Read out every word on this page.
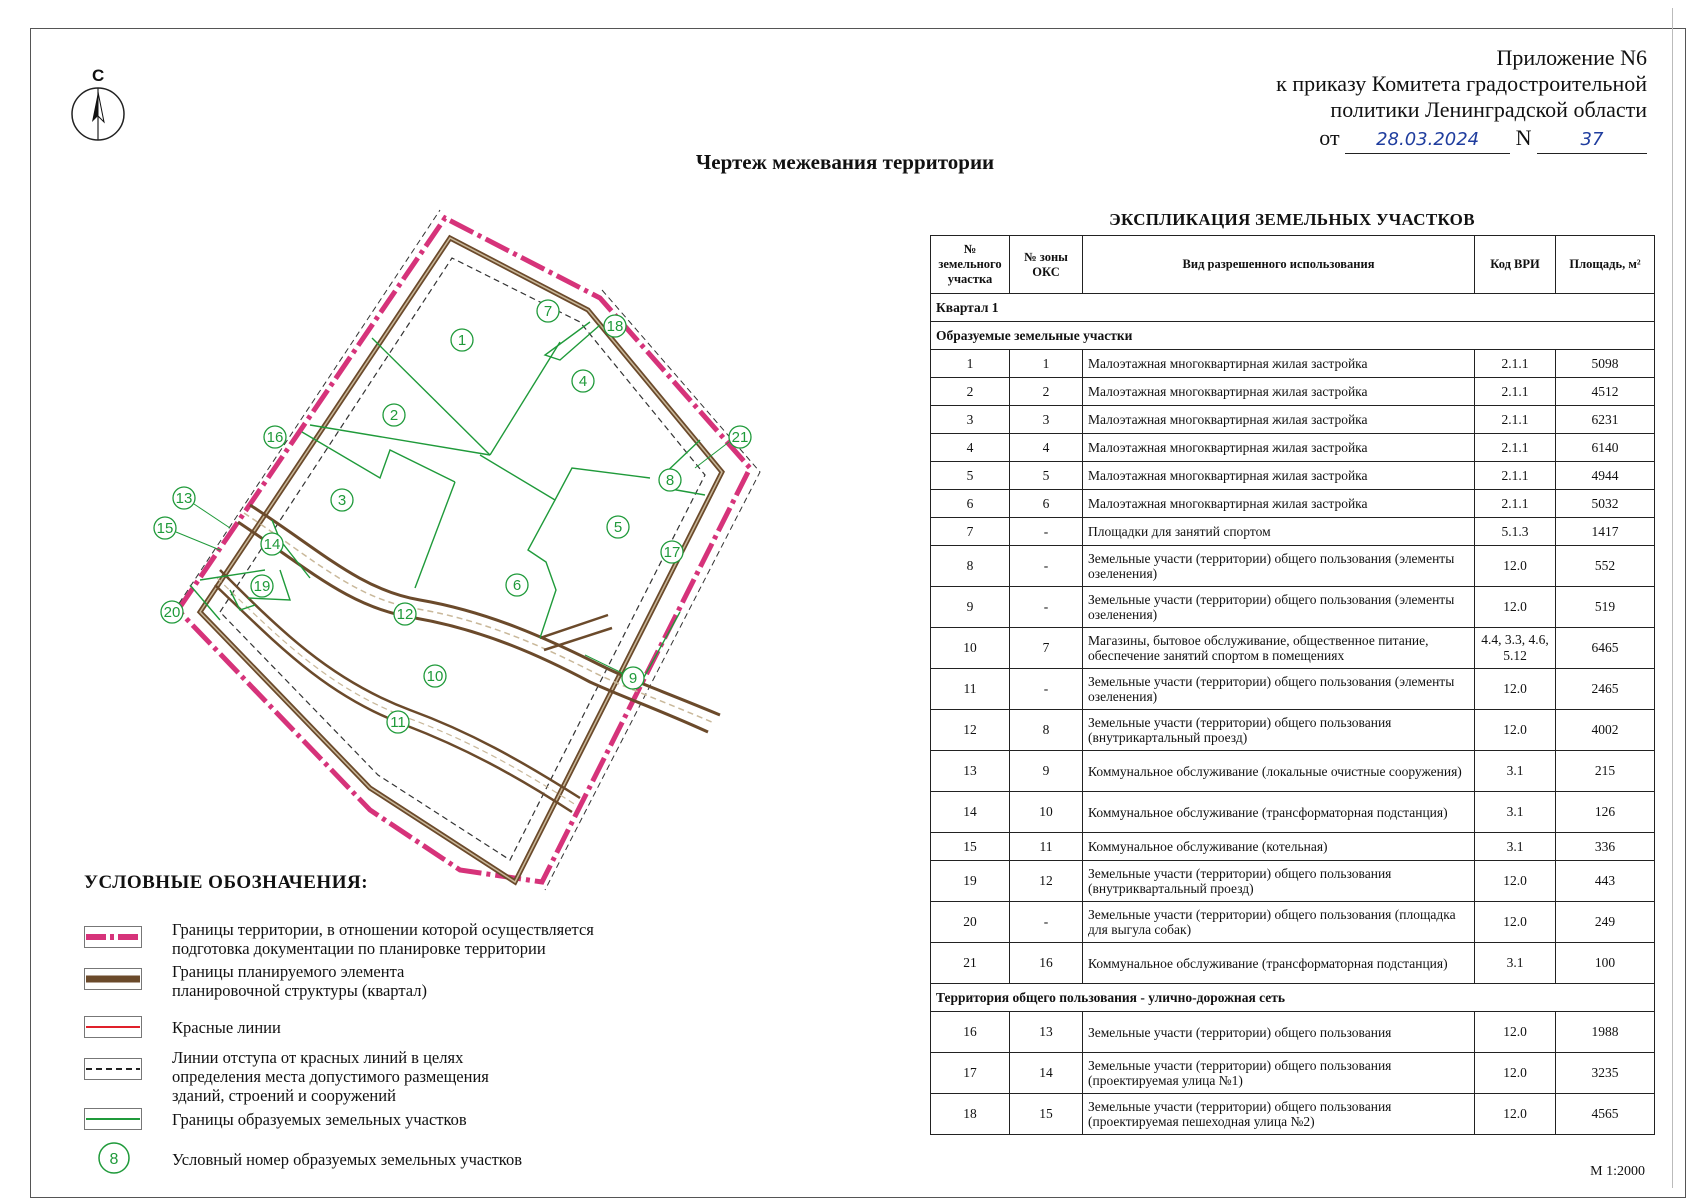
Приложение N6
к приказу Комитета градостроительной
политики Ленинградской области
от 28.03.2024 N	37
С
Чертеж межевания территории
1
2
3
4
5
6
7
8
9
10
11
12
13
14
15
16
17
18
19
20
21
УСЛОВНЫЕ ОБОЗНАЧЕНИЯ:
Границы территории, в отношении которой осуществляется
подготовка документации по планировке территории
Границы планируемого элемента
планировочной структуры (квартал)
Красные линии
Линии отступа от красных линий в целях
определения места допустимого размещения
зданий, строений и сооружений
Границы образуемых земельных участков
8	Условный номер образуемых земельных участков
ЭКСПЛИКАЦИЯ ЗЕМЕЛЬНЫХ УЧАСТКОВ
№ земельного участка	№ зоны ОКС	Вид разрешенного использования	Код ВРИ	Площадь, м²
Квартал 1				
Образуемые земельные участки				
1	1	Малоэтажная многоквартирная жилая застройка	2.1.1	5098
2	2	Малоэтажная многоквартирная жилая застройка	2.1.1	4512
3	3	Малоэтажная многоквартирная жилая застройка	2.1.1	6231
4	4	Малоэтажная многоквартирная жилая застройка	2.1.1	6140
5	5	Малоэтажная многоквартирная жилая застройка	2.1.1	4944
6	6	Малоэтажная многоквартирная жилая застройка	2.1.1	5032
7	-	Площадки для занятий спортом	5.1.3	1417
8	-	Земельные участи (территории) общего пользования (элементы озеленения)	12.0	552
9	-	Земельные участи (территории) общего пользования (элементы озеленения)	12.0	519
10	7	Магазины, бытовое обслуживание, общественное питание, обеспечение занятий спортом в помещениях	4.4, 3.3, 4.6, 5.12	6465
11	-	Земельные участи (территории) общего пользования (элементы озеленения)	12.0	2465
12	8	Земельные участи (территории) общего пользования (внутрикартальный проезд)	12.0	4002
13	9	Коммунальное обслуживание (локальные очистные сооружения)	3.1	215
14	10	Коммунальное обслуживание (трансформаторная подстанция)	3.1	126
15	11	Коммунальное обслуживание (котельная)	3.1	336
19	12	Земельные участи (территории) общего пользования (внутриквартальный проезд)	12.0	443
20	-	Земельные участи (территории) общего пользования (площадка для выгула собак)	12.0	249
21	16	Коммунальное обслуживание (трансформаторная подстанция)	3.1	100
Территория общего пользования - улично-дорожная сеть				
16	13	Земельные участи (территории) общего пользования	12.0	1988
17	14	Земельные участи (территории) общего пользования (проектируемая улица №1)	12.0	3235
18	15	Земельные участи (территории) общего пользования (проектируемая пешеходная улица №2)	12.0	4565
М 1:2000
